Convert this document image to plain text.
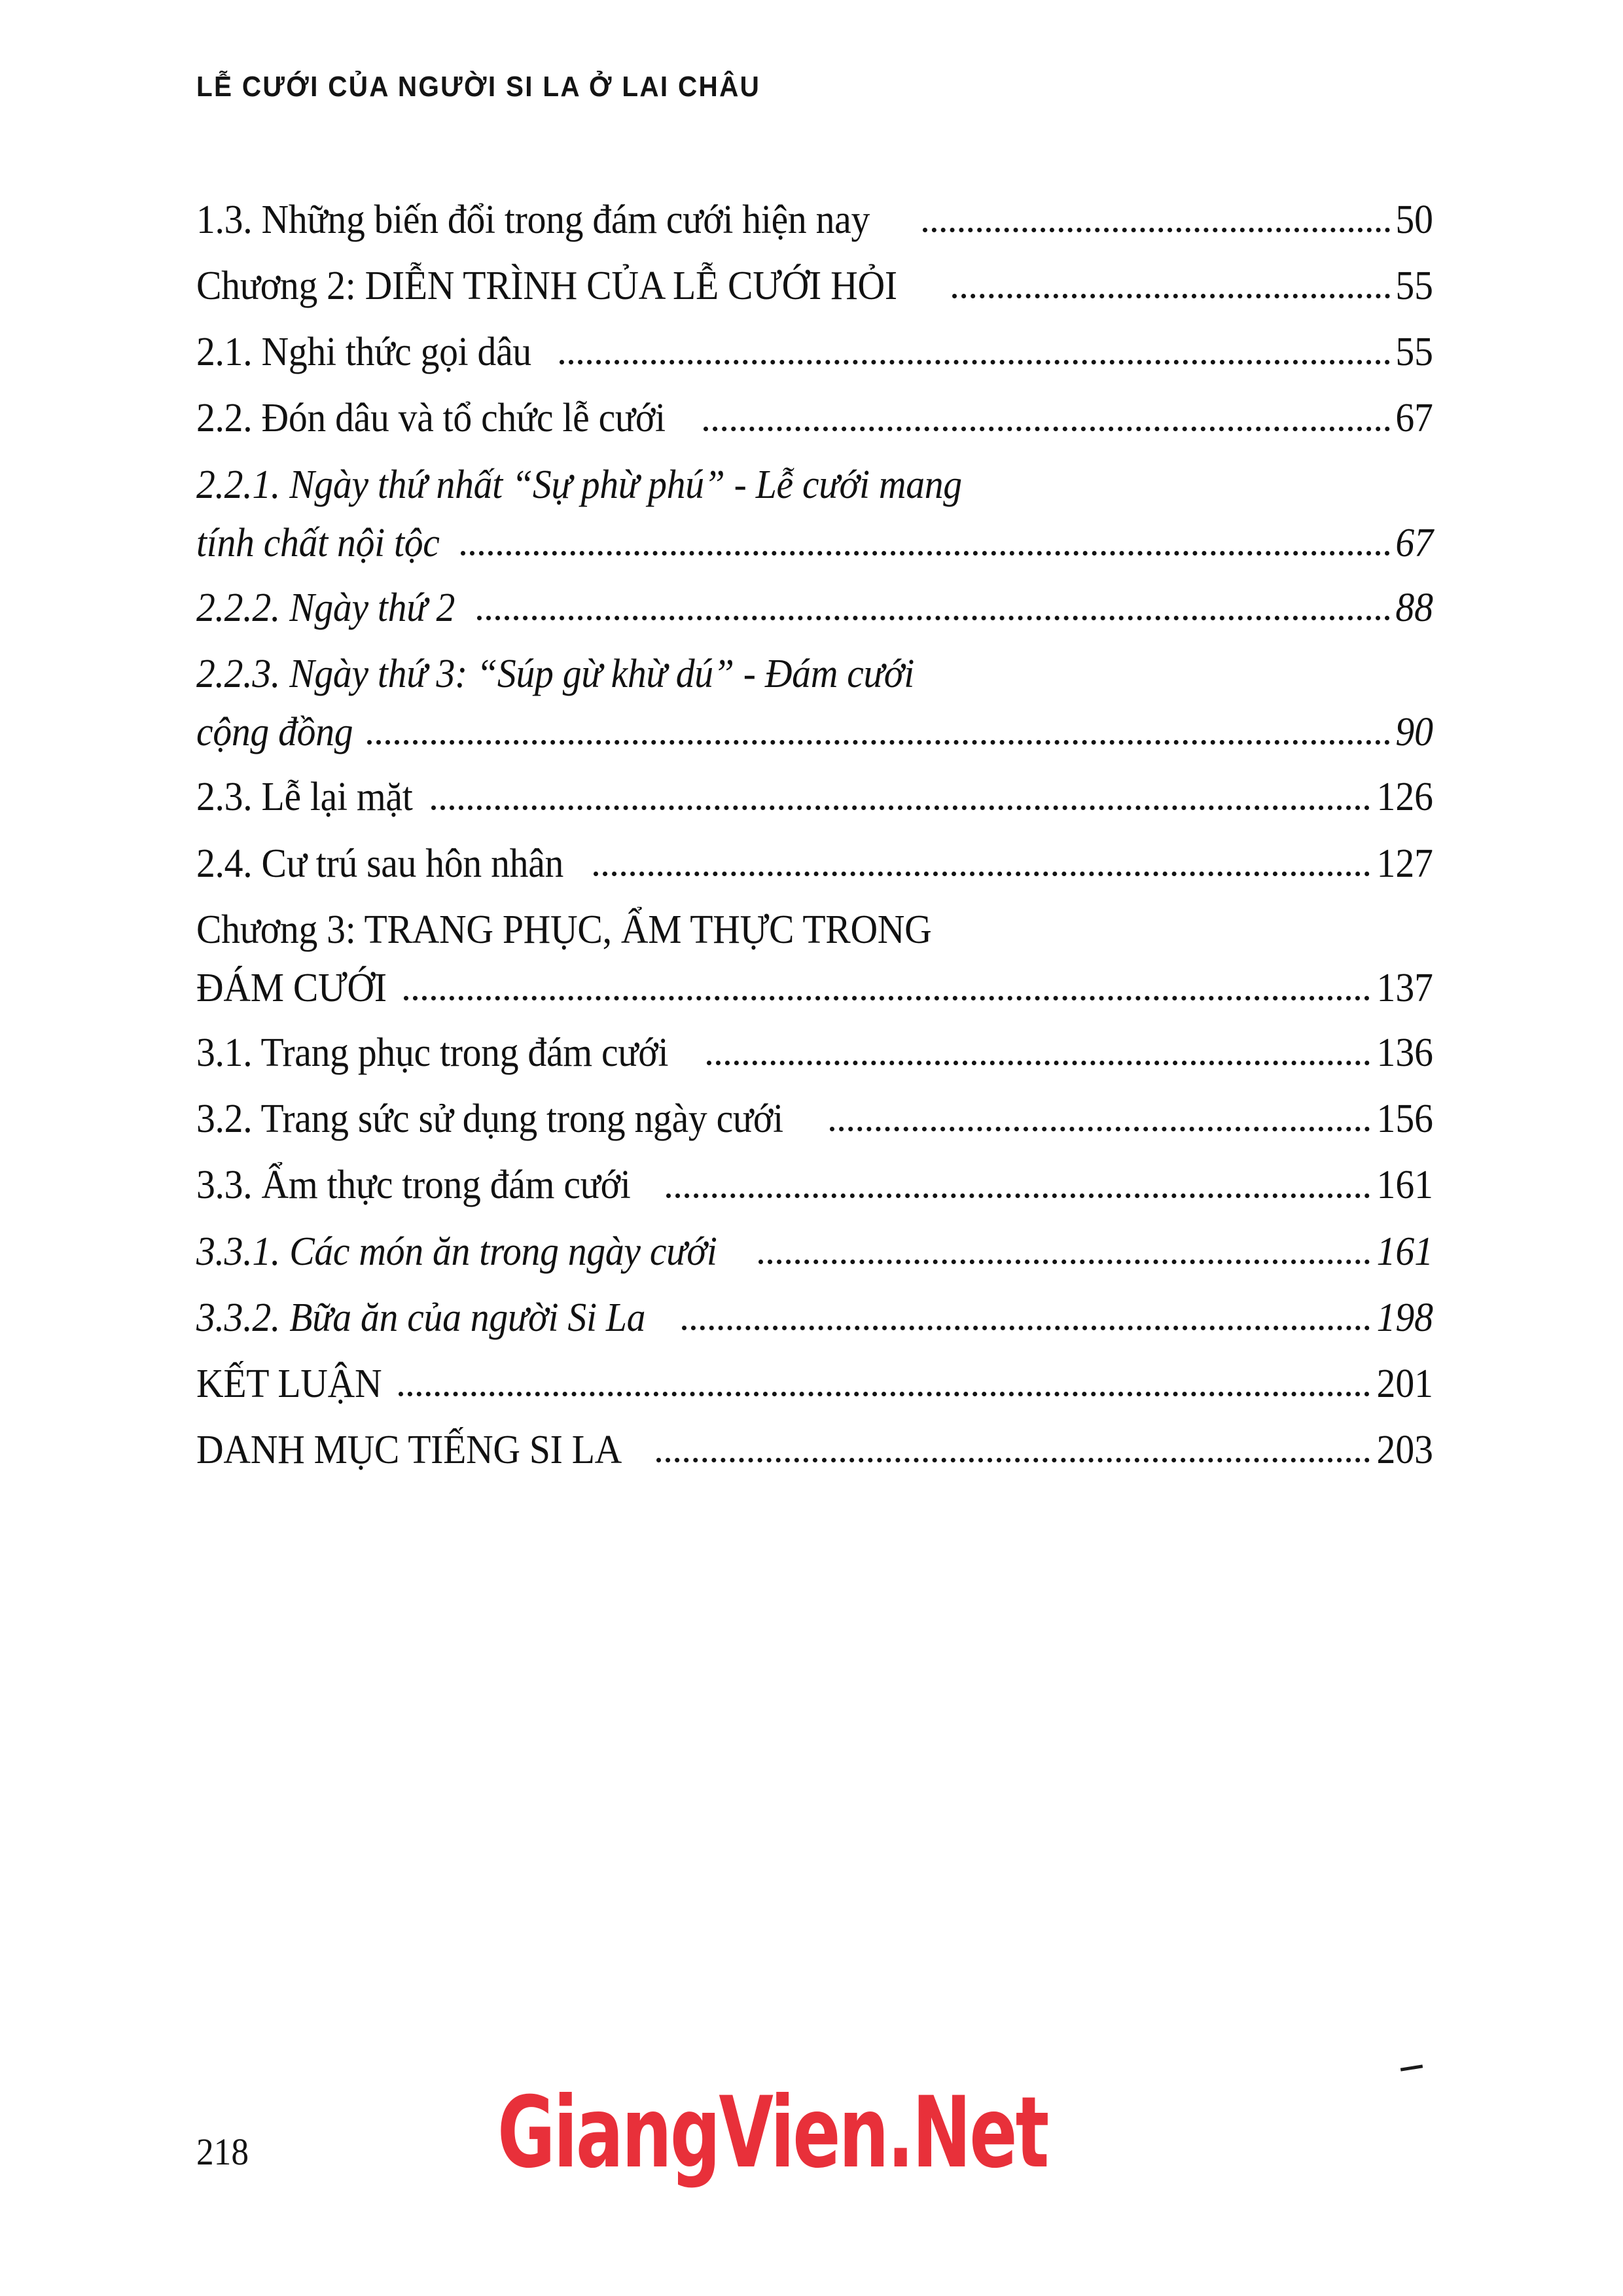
LỄ CƯỚI CỦA NGƯỜI SI LA Ở LAI CHÂU
1.3. Những biến đổi trong đám cưới hiện nay	50
Chương 2: DIỄN TRÌNH CỦA LỄ CƯỚI HỎI	55
2.1. Nghi thức gọi dâu	55
2.2. Đón dâu và tổ chức lễ cưới	67
2.2.1. Ngày thứ nhất “Sự phừ phú” - Lễ cưới mang
tính chất nội tộc	67
2.2.2. Ngày thứ 2	88
2.2.3. Ngày thứ 3: “Súp gừ khừ dú” - Đám cưới
cộng đồng	90
2.3. Lễ lại mặt	126
2.4. Cư trú sau hôn nhân	127
Chương 3: TRANG PHỤC, ẨM THỰC TRONG
ĐÁM CƯỚI	137
3.1. Trang phục trong đám cưới	136
3.2. Trang sức sử dụng trong ngày cưới	156
3.3. Ẩm thực trong đám cưới	161
3.3.1. Các món ăn trong ngày cưới	161
3.3.2. Bữa ăn của người Si La	198
KẾT LUẬN	201
DANH MỤC TIẾNG SI LA	203
218	GiangVien.Net
